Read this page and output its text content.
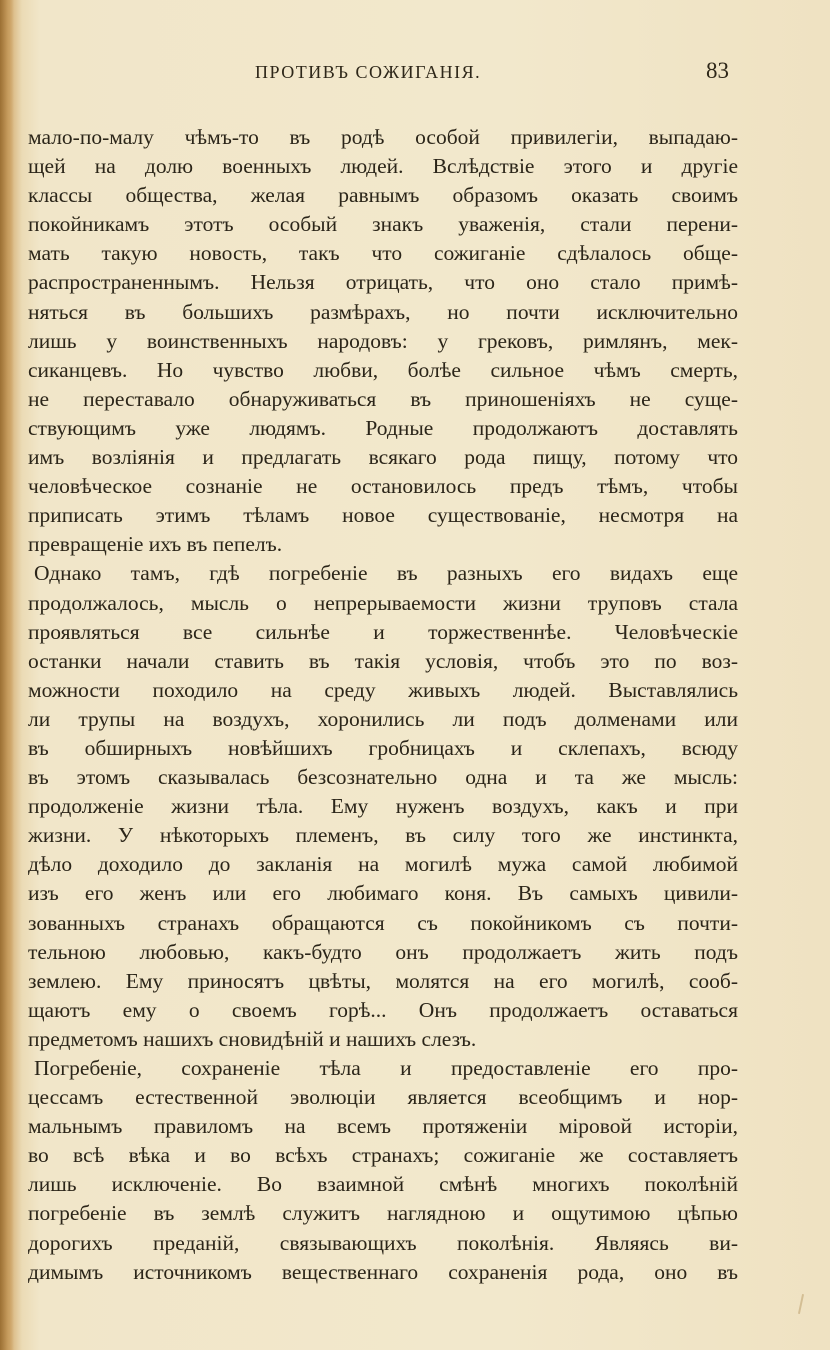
ПРОТИВЪ СОЖИГАНІЯ.	83
мало-по-малу чѣмъ-то въ родѣ особой привилегіи, выпадаю-
щей на долю военныхъ людей. Вслѣдствіе этого и другіе
классы общества, желая равнымъ образомъ оказать своимъ
покойникамъ этотъ особый знакъ уваженія, стали перени-
мать такую новость, такъ что сожиганіе сдѣлалось обще-
распространеннымъ. Нельзя отрицать, что оно стало примѣ-
няться въ большихъ размѣрахъ, но почти исключительно
лишь у воинственныхъ народовъ: у грековъ, римлянъ, мек-
сиканцевъ. Но чувство любви, болѣе сильное чѣмъ смерть,
не переставало обнаруживаться въ приношеніяхъ не суще-
ствующимъ уже людямъ. Родные продолжаютъ доставлять
имъ возліянія и предлагать всякаго рода пищу, потому что
человѣческое сознаніе не остановилось предъ тѣмъ, чтобы
приписать этимъ тѣламъ новое существованіе, несмотря на
превращеніе ихъ въ пепелъ.
Однако тамъ, гдѣ погребеніе въ разныхъ его видахъ еще
продолжалось, мысль о непрерываемости жизни труповъ стала
проявляться все сильнѣе и торжественнѣе. Человѣческіе
останки начали ставить въ такія условія, чтобъ это по воз-
можности походило на среду живыхъ людей. Выставлялись
ли трупы на воздухъ, хоронились ли подъ долменами или
въ обширныхъ новѣйшихъ гробницахъ и склепахъ, всюду
въ этомъ сказывалась безсознательно одна и та же мысль:
продолженіе жизни тѣла. Ему нуженъ воздухъ, какъ и при
жизни. У нѣкоторыхъ племенъ, въ силу того же инстинкта,
дѣло доходило до закланія на могилѣ мужа самой любимой
изъ его женъ или его любимаго коня. Въ самыхъ цивили-
зованныхъ странахъ обращаются съ покойникомъ съ почти-
тельною любовью, какъ-будто онъ продолжаетъ жить подъ
землею. Ему приносятъ цвѣты, молятся на его могилѣ, сооб-
щаютъ ему о своемъ горѣ... Онъ продолжаетъ оставаться
предметомъ нашихъ сновидѣній и нашихъ слезъ.
Погребеніе, сохраненіе тѣла и предоставленіе его про-
цессамъ естественной эволюціи является всеобщимъ и нор-
мальнымъ правиломъ на всемъ протяженіи міровой исторіи,
во всѣ вѣка и во всѣхъ странахъ; сожиганіе же составляетъ
лишь исключеніе. Во взаимной смѣнѣ многихъ поколѣній
погребеніе въ землѣ служитъ наглядною и ощутимою цѣпью
дорогихъ преданій, связывающихъ поколѣнія. Являясь ви-
димымъ источникомъ вещественнаго сохраненія рода, оно въ
